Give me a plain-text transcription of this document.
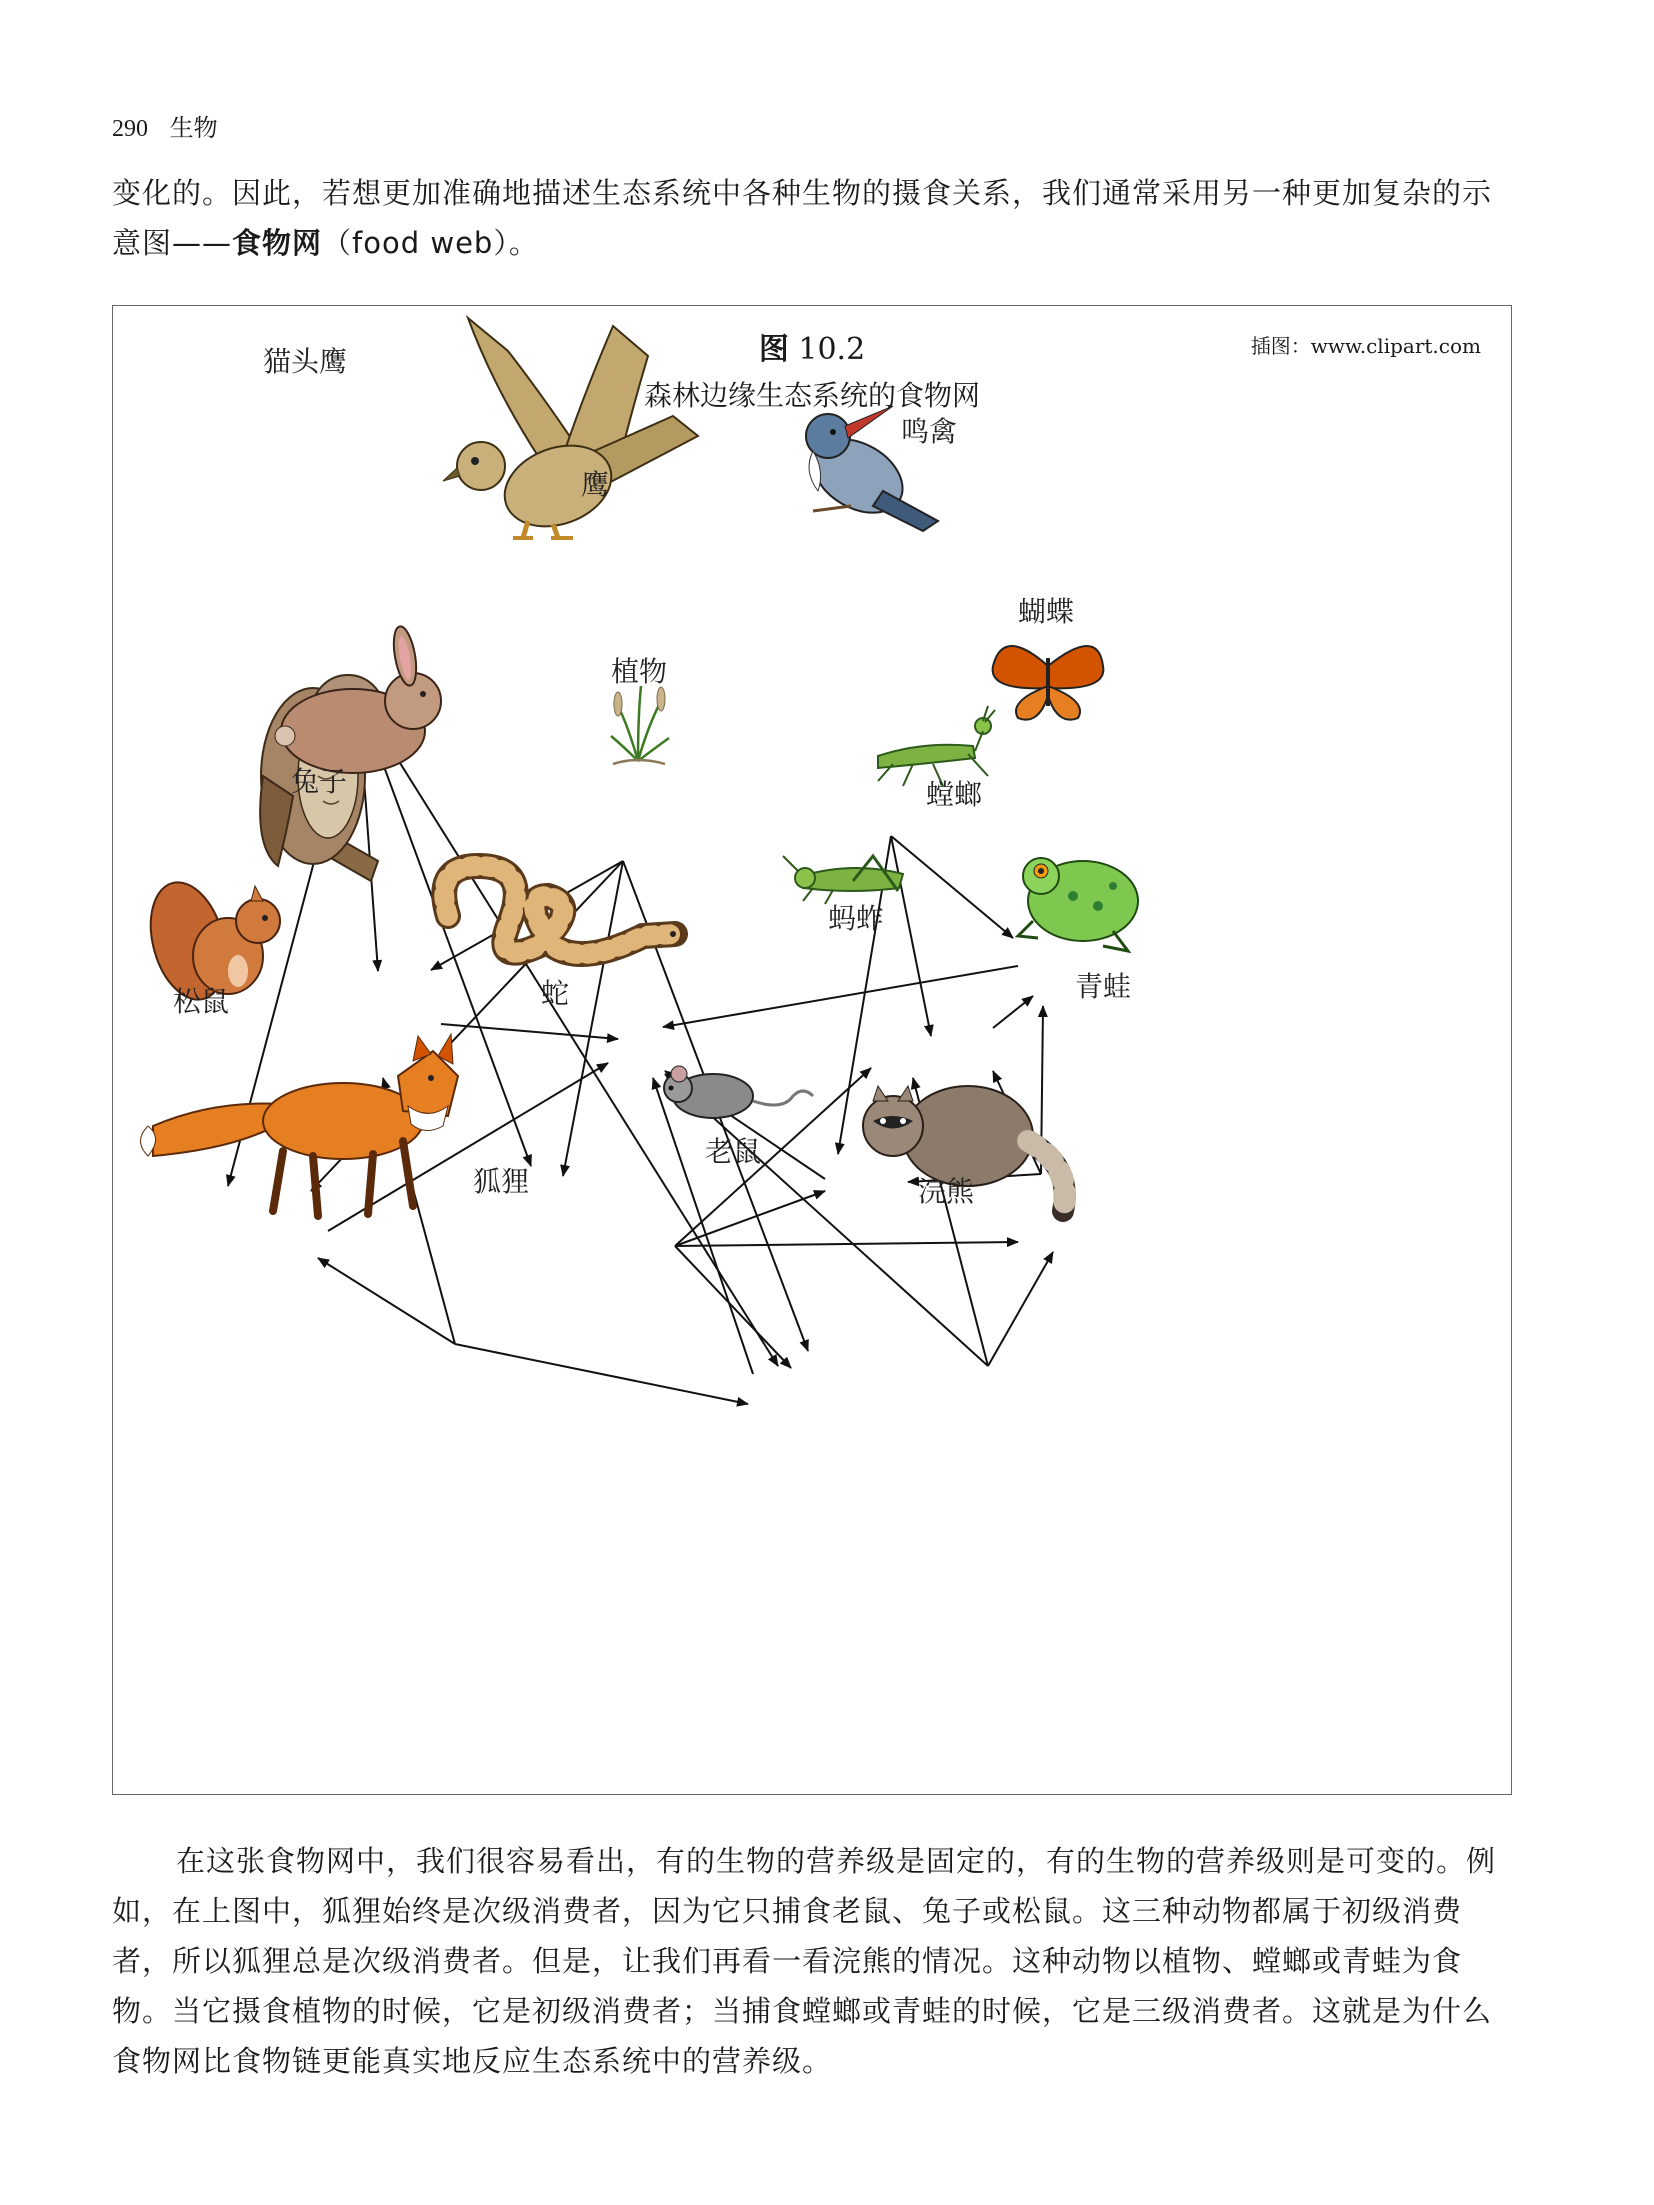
290 生物

变化的。因此，若想更加准确地描述生态系统中各种生物的摄食关系，我们通常采用另一种更加复杂的示意图——食物网（food web）。

图 10.2
森林边缘生态系统的食物网
插图：www.clipart.com
猫头鹰
鹰
鸣禽
蝴蝶
植物
兔子	螳螂
蚂蚱
松鼠	蛇	青蛙
狐狸
老鼠
浣熊

在这张食物网中，我们很容易看出，有的生物的营养级是固定的，有的生物的营养级则是可变的。例如，在上图中，狐狸始终是次级消费者，因为它只捕食老鼠、兔子或松鼠。这三种动物都属于初级消费者，所以狐狸总是次级消费者。但是，让我们再看一看浣熊的情况。这种动物以植物、螳螂或青蛙为食物。当它摄食植物的时候，它是初级消费者；当捕食螳螂或青蛙的时候，它是三级消费者。这就是为什么食物网比食物链更能真实地反应生态系统中的营养级。
